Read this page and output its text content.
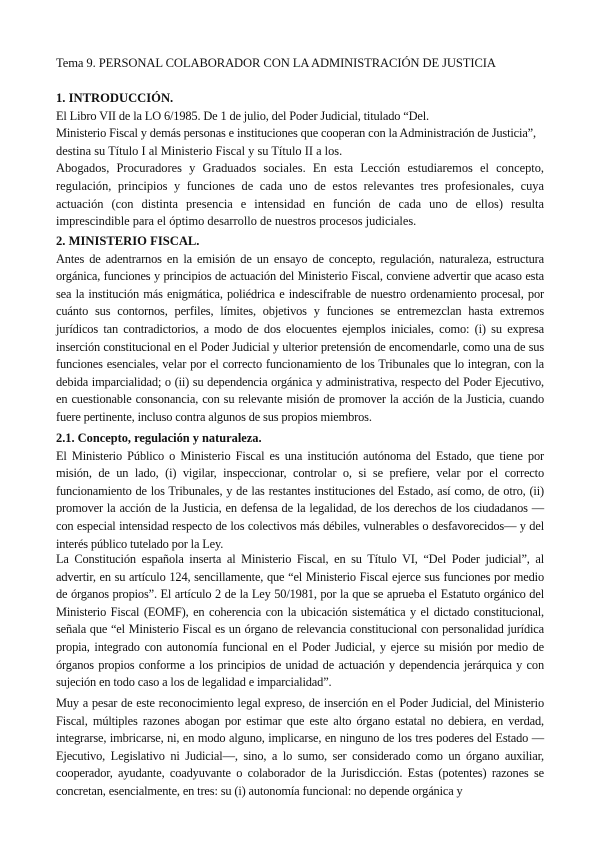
Tema 9. PERSONAL COLABORADOR CON LA ADMINISTRACIÓN DE JUSTICIA
1. INTRODUCCIÓN.

El Libro VII de la LO 6/1985. De 1 de julio, del Poder Judicial, titulado “Del.

Ministerio Fiscal y demás personas e instituciones que cooperan con la Administración de Justicia”,

destina su Título I al Ministerio Fiscal y su Título II a los.

Abogados, Procuradores y Graduados sociales. En esta Lección estudiaremos el concepto, regulación, principios y funciones de cada uno de estos relevantes tres profesionales, cuya actuación (con distinta presencia e intensidad en función de cada uno de ellos) resulta imprescindible para el óptimo desarrollo de nuestros procesos judiciales.

2. MINISTERIO FISCAL.

Antes de adentrarnos en la emisión de un ensayo de concepto, regulación, naturaleza, estructura orgánica, funciones y principios de actuación del Ministerio Fiscal, conviene advertir que acaso esta sea la institución más enigmática, poliédrica e indescifrable de nuestro ordenamiento procesal, por cuánto sus contornos, perfiles, límites, objetivos y funciones se entremezclan hasta extremos jurídicos tan contradictorios, a modo de dos elocuentes ejemplos iniciales, como: (i) su expresa inserción constitucional en el Poder Judicial y ulterior pretensión de encomendarle, como una de sus funciones esenciales, velar por el correcto funcionamiento de los Tribunales que lo integran, con la debida imparcialidad; o (ii) su dependencia orgánica y administrativa, respecto del Poder Ejecutivo, en cuestionable consonancia, con su relevante misión de promover la acción de la Justicia, cuando fuere pertinente, incluso contra algunos de sus propios miembros.

2.1. Concepto, regulación y naturaleza.

El Ministerio Público o Ministerio Fiscal es una institución autónoma del Estado, que tiene por misión, de un lado, (i) vigilar, inspeccionar, controlar o, si se prefiere, velar por el correcto funcionamiento de los Tribunales, y de las restantes instituciones del Estado, así como, de otro, (ii) promover la acción de la Justicia, en defensa de la legalidad, de los derechos de los ciudadanos —con especial intensidad respecto de los colectivos más débiles, vulnerables o desfavorecidos— y del interés público tutelado por la Ley.

La Constitución española inserta al Ministerio Fiscal, en su Título VI, “Del Poder judicial”, al advertir, en su artículo 124, sencillamente, que “el Ministerio Fiscal ejerce sus funciones por medio de órganos propios”. El artículo 2 de la Ley 50/1981, por la que se aprueba el Estatuto orgánico del Ministerio Fiscal (EOMF), en coherencia con la ubicación sistemática y el dictado constitucional, señala que “el Ministerio Fiscal es un órgano de relevancia constitucional con personalidad jurídica propia, integrado con autonomía funcional en el Poder Judicial, y ejerce su misión por medio de órganos propios conforme a los principios de unidad de actuación y dependencia jerárquica y con sujeción en todo caso a los de legalidad e imparcialidad”.

Muy a pesar de este reconocimiento legal expreso, de inserción en el Poder Judicial, del Ministerio Fiscal, múltiples razones abogan por estimar que este alto órgano estatal no debiera, en verdad, integrarse, imbricarse, ni, en modo alguno, implicarse, en ninguno de los tres poderes del Estado —Ejecutivo, Legislativo ni Judicial—, sino, a lo sumo, ser considerado como un órgano auxiliar, cooperador, ayudante, coadyuvante o colaborador de la Jurisdicción. Estas (potentes) razones se concretan, esencialmente, en tres: su (i) autonomía funcional: no depende orgánica y
